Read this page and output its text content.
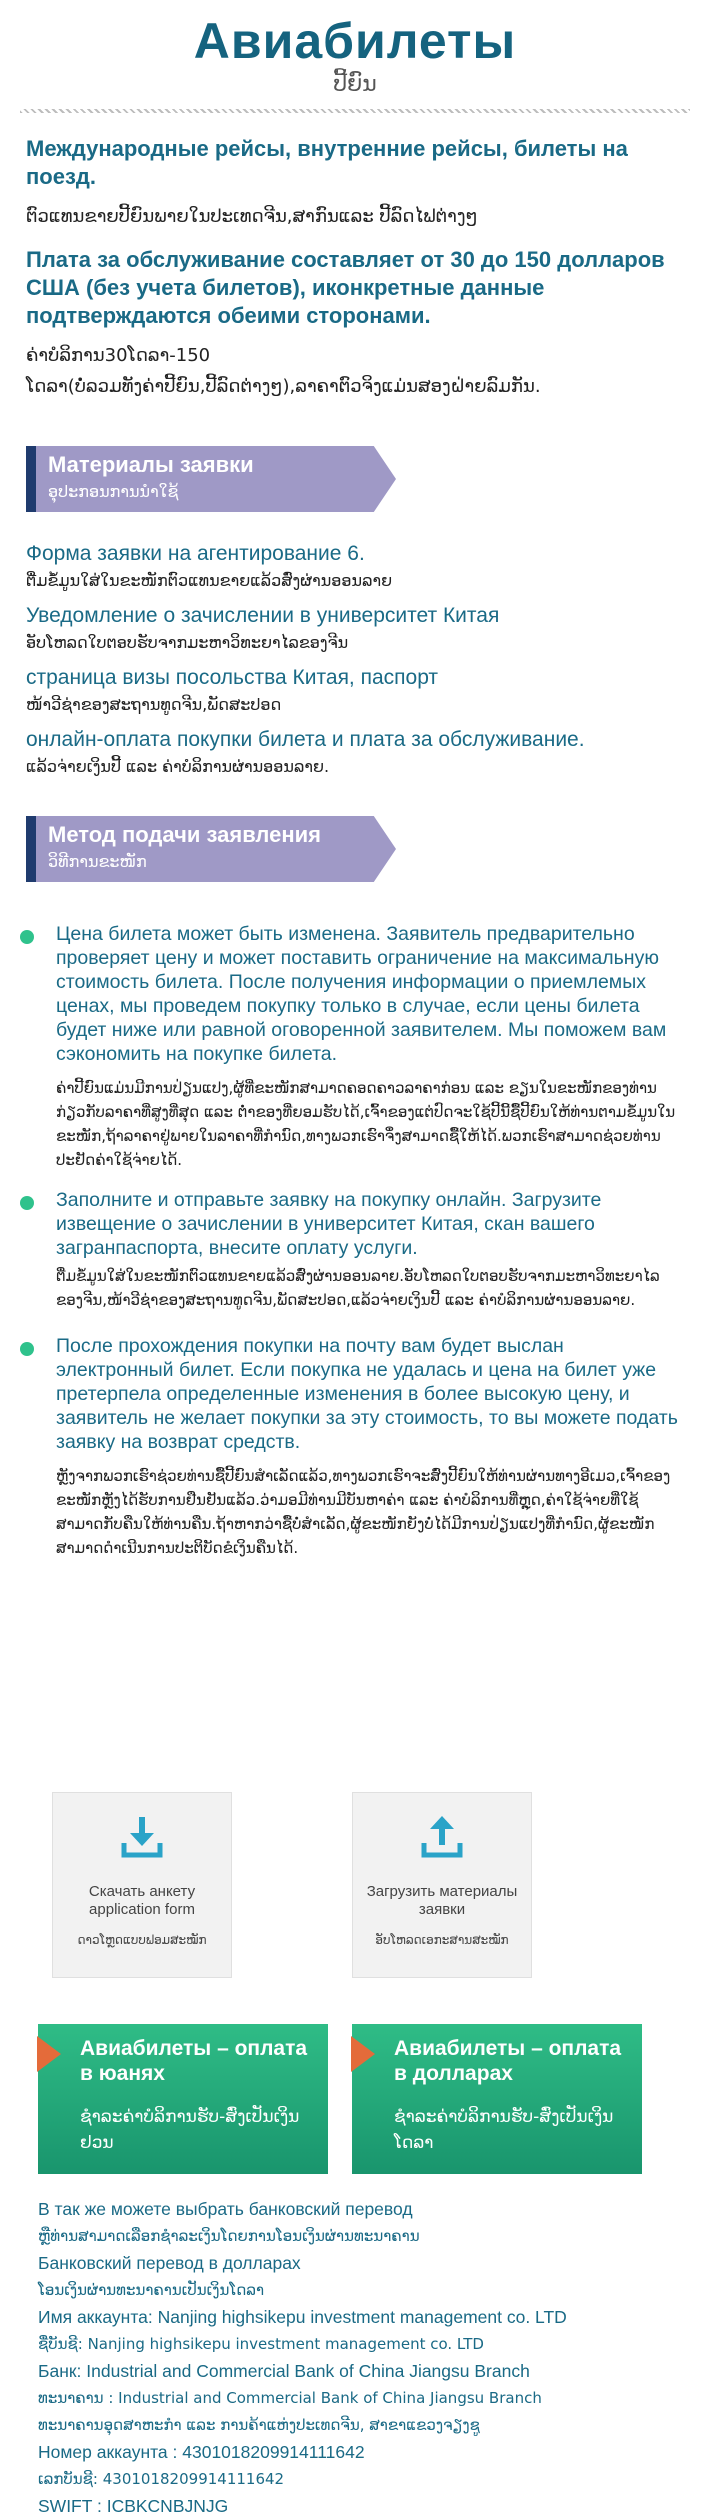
Авиабилеты
ປີ້ຍົນ
Международные рейсы, внутренние рейсы, билеты на поезд.
ຕົວແທນຂາຍປີ້ຍົນພາຍໃນປະເທດຈີນ,ສາກົນແລະ ປີ້ລົດໄຟຕ່າງໆ
Плата за обслуживание составляет от 30 до 150 долларов США (без учета билетов), иконкретные данные подтверждаются обеими сторонами.
ຄ່າບໍລິການ30ໂດລາ-150
ໂດລາ(ບໍ່ລວມທັງຄ່າປີ້ຍົນ,ປີ້ລົດຕ່າງໆ),ລາຄາຕົວຈິງແມ່ນສອງຝ່າຍລົມກັນ.
Материалы заявки
ອຸປະກອນການນຳໃຊ້
Форма заявки на агентирование 6.
ຕື່ມຂໍ້ມູນໃສ່ໃນຂະໜັກຕົວແທນຂາຍແລ້ວສົ່ງຜ່ານອອນລາຍ
Уведомление о зачислении в университет Китая
ອັບໂຫລດໃບຕອບຮັບຈາກມະຫາວິທະຍາໄລຂອງຈີນ
страница визы посольства Китая, паспорт
ໜ້າວີຊ່າຂອງສະຖານທູດຈີນ,ພັດສະປອດ
онлайн-оплата покупки билета и плата за обслуживание.
ແລ້ວຈ່າຍເງິນປີ້ ແລະ ຄ່າບໍລິການຜ່ານອອນລາຍ.
Метод подачи заявления
ວິທີການຂະໜັກ
Цена билета может быть изменена. Заявитель предварительно проверяет цену и может поставить ограничение на максимальную стоимость билета. После получения информации о приемлемых ценах, мы проведем покупку только в случае, если цены билета будет ниже или равной оговоренной заявителем. Мы поможем вам сэкономить на покупке билета.
ຄ່າປີ້ຍົນແມ່ນມີການປ່ຽນແປງ,ຜູ້ທີ່ຂະໜັກສາມາດຄອດຄາວລາຄາກ່ອນ ແລະ ຂຽນໃນຂະໜັກຂອງທ່ານກ່ຽວກັບລາຄາທີ່ສູງທີ່ສຸດ ແລະ ຕ່ຳຂອງທີ່ຍອມຮັບໄດ້,ເຈົ້າຂອງແຕ່ປົດຈະໃຊ້ປີ້ນີ້ຊື້ປີ້ຍົນໃຫ້ທ່ານຕາມຂໍ້ມູນໃນຂະໜັກ,ຖ້າລາຄາຢູ່ພາຍໃນລາຄາທີ່ກຳນົດ,ທາງພວກເຮົາຈຶ່ງສາມາດຊື້ໃຫ້ໄດ້.ພວກເຮົາສາມາດຊ່ວຍທ່ານປະຢັດຄ່າໃຊ້ຈ່າຍໄດ້.
Заполните и отправьте заявку на покупку онлайн. Загрузите извещение о зачислении в университет Китая, скан вашего загранпаспорта, внесите оплату услуги.
ຕື່ມຂໍ້ມູນໃສ່ໃນຂະໜັກຕົວແທນຂາຍແລ້ວສົ່ງຜ່ານອອນລາຍ.ອັບໂຫລດໃບຕອບຮັບຈາກມະຫາວິທະຍາໄລຂອງຈີນ,ໜ້າວີຊ່າຂອງສະຖານທູດຈີນ,ພັດສະປອດ,ແລ້ວຈ່າຍເງິນປີ້ ແລະ ຄ່າບໍລິການຜ່ານອອນລາຍ.
После прохождения покупки на почту вам будет выслан электронный билет. Если покупка не удалась и цена на билет уже претерпела определенные изменения в более высокую цену, и заявитель не желает покупки за эту стоимость, то вы можете подать заявку на возврат средств.
ຫຼັງຈາກພວກເຮົາຊ່ວຍທ່ານຊື້ປີ້ຍົນສຳເລັດແລ້ວ,ທາງພວກເຮົາຈະສົ່ງປີ້ຍົນໃຫ້ທ່ານຜ່ານທາງອີເມວ,ເຈົ້າຂອງຂະໜັກຫຼັງໄດ້ຮັບການຢືນຢັນແລ້ວ.ວ່າມອມີທ່ານມີບັນຫາຄ່າ ແລະ ຄ່າບໍລິການທີ່ຫຼຸດ,ຄ່າໃຊ້ຈ່າຍທີ່ໃຊ້ສາມາດກັບຄືນໃຫ້ທ່ານຄືນ.ຖ້າຫາກວ່າຊື້ບໍ່ສຳເລັດ,ຜູ້ຂະໜັກຍັງບໍ່ໄດ້ມີການປ່ຽນແປງທີ່ກຳນົດ,ຜູ້ຂະໜັກສາມາດດຳເນີນການປະຕິບັດຂໍເງິນຄືນໄດ້.
Скачать анкету application form
ດາວໂຫຼດແບບຟອມສະໝັກ
Загрузить материалы заявки
ອັບໂຫລດເອກະສານສະໝັກ
Авиабилеты – оплата в юанях
ຊຳລະຄ່າບໍລິການຮັບ-ສົ່ງເປັນເງິນຢວນ
Авиабилеты – оплата в долларах
ຊຳລະຄ່າບໍລິການຮັບ-ສົ່ງເປັນເງິນໂດລາ
В так же можете выбрать банковский перевод
ຫຼືທ່ານສາມາດເລືອກຊຳລະເງິນໂດຍການໂອນເງິນຜ່ານທະນາຄານ
Банковский перевод в долларах
ໂອນເງິນຜ່ານທະນາຄານເປັນເງິນໂດລາ
Имя аккаунта: Nanjing highsikepu investment management co. LTD
ຊື່ບັນຊີ: Nanjing highsikepu investment management co. LTD
Банк: Industrial and Commercial Bank of China Jiangsu Branch
ທະນາຄານ : Industrial and Commercial Bank of China Jiangsu Branch
ທະນາຄານອຸດສາຫະກຳ ແລະ ການຄ້າແຫ່ງປະເທດຈີນ, ສາຂາແຂວງຈຽງຊູ
Номер аккаунта : 4301018209914111642
ເລກບັນຊີ: 4301018209914111642
SWIFT : ICBKCNBJNJG
